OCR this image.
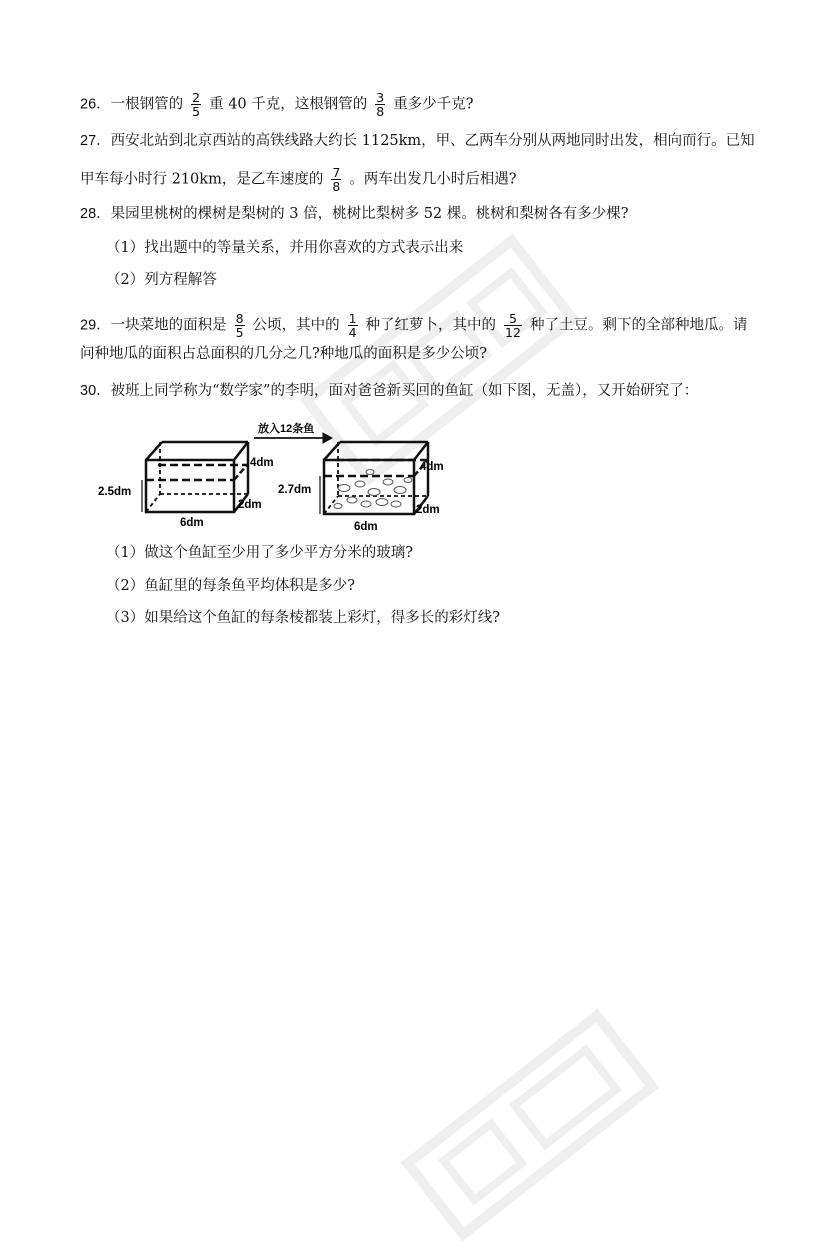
26．一根钢管的 $\frac{2}{5}$ 重 40 千克，这根钢管的 $\frac{3}{8}$ 重多少千克?
27．西安北站到北京西站的高铁线路大约长 1125km，甲、乙两车分别从两地同时出发，相向而行。已知
甲车每小时行 210km，是乙车速度的 $\frac{7}{8}$ 。两车出发几小时后相遇?
28．果园里桃树的棵树是梨树的 3 倍，桃树比梨树多 52 棵。桃树和梨树各有多少棵?
（1）找出题中的等量关系，并用你喜欢的方式表示出来
（2）列方程解答
29．一块菜地的面积是 $\frac{8}{5}$ 公顷，其中的 $\frac{1}{4}$ 种了红萝卜，其中的 $\frac{5}{12}$ 种了土豆。剩下的全部种地瓜。请
问种地瓜的面积占总面积的几分之几?种地瓜的面积是多少公顷?
30．被班上同学称为“数学家”的李明，面对爸爸新买回的鱼缸（如下图，无盖），又开始研究了：
2.5dm
4dm
2dm
6dm
放入12条鱼
2.7dm
4dm
2dm
6dm
（1）做这个鱼缸至少用了多少平方分米的玻璃?
（2）鱼缸里的每条鱼平均体积是多少?
（3）如果给这个鱼缸的每条棱都装上彩灯，得多长的彩灯线?
